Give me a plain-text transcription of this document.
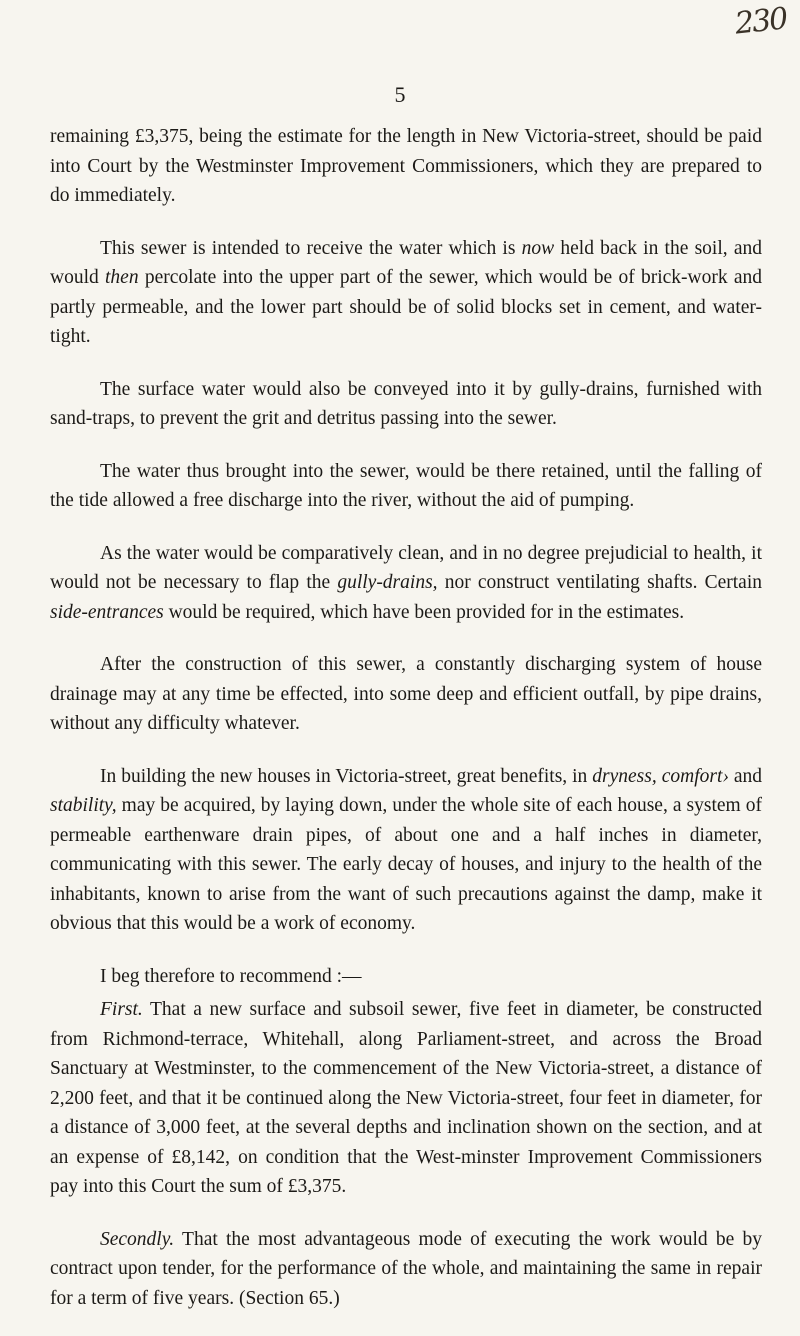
230
5

remaining £3,375, being the estimate for the length in New Victoria-street, should be paid into Court by the Westminster Improvement Commissioners, which they are prepared to do immediately.

This sewer is intended to receive the water which is now held back in the soil, and would then percolate into the upper part of the sewer, which would be of brick-work and partly permeable, and the lower part should be of solid blocks set in cement, and water-tight.

The surface water would also be conveyed into it by gully-drains, furnished with sand-traps, to prevent the grit and detritus passing into the sewer.

The water thus brought into the sewer, would be there retained, until the falling of the tide allowed a free discharge into the river, without the aid of pumping.

As the water would be comparatively clean, and in no degree prejudicial to health, it would not be necessary to flap the gully-drains, nor construct ventilating shafts. Certain side-entrances would be required, which have been provided for in the estimates.

After the construction of this sewer, a constantly discharging system of house drainage may at any time be effected, into some deep and efficient outfall, by pipe drains, without any difficulty whatever.

In building the new houses in Victoria-street, great benefits, in dryness, comfort› and stability, may be acquired, by laying down, under the whole site of each house, a system of permeable earthenware drain pipes, of about one and a half inches in diameter, communicating with this sewer. The early decay of houses, and injury to the health of the inhabitants, known to arise from the want of such precautions against the damp, make it obvious that this would be a work of economy.

I beg therefore to recommend :—

First. That a new surface and subsoil sewer, five feet in diameter, be constructed from Richmond-terrace, Whitehall, along Parliament-street, and across the Broad Sanctuary at Westminster, to the commencement of the New Victoria-street, a distance of 2,200 feet, and that it be continued along the New Victoria-street, four feet in diameter, for a distance of 3,000 feet, at the several depths and inclination shown on the section, and at an expense of £8,142, on condition that the West-minster Improvement Commissioners pay into this Court the sum of £3,375.

Secondly. That the most advantageous mode of executing the work would be by contract upon tender, for the performance of the whole, and maintaining the same in repair for a term of five years. (Section 65.)
